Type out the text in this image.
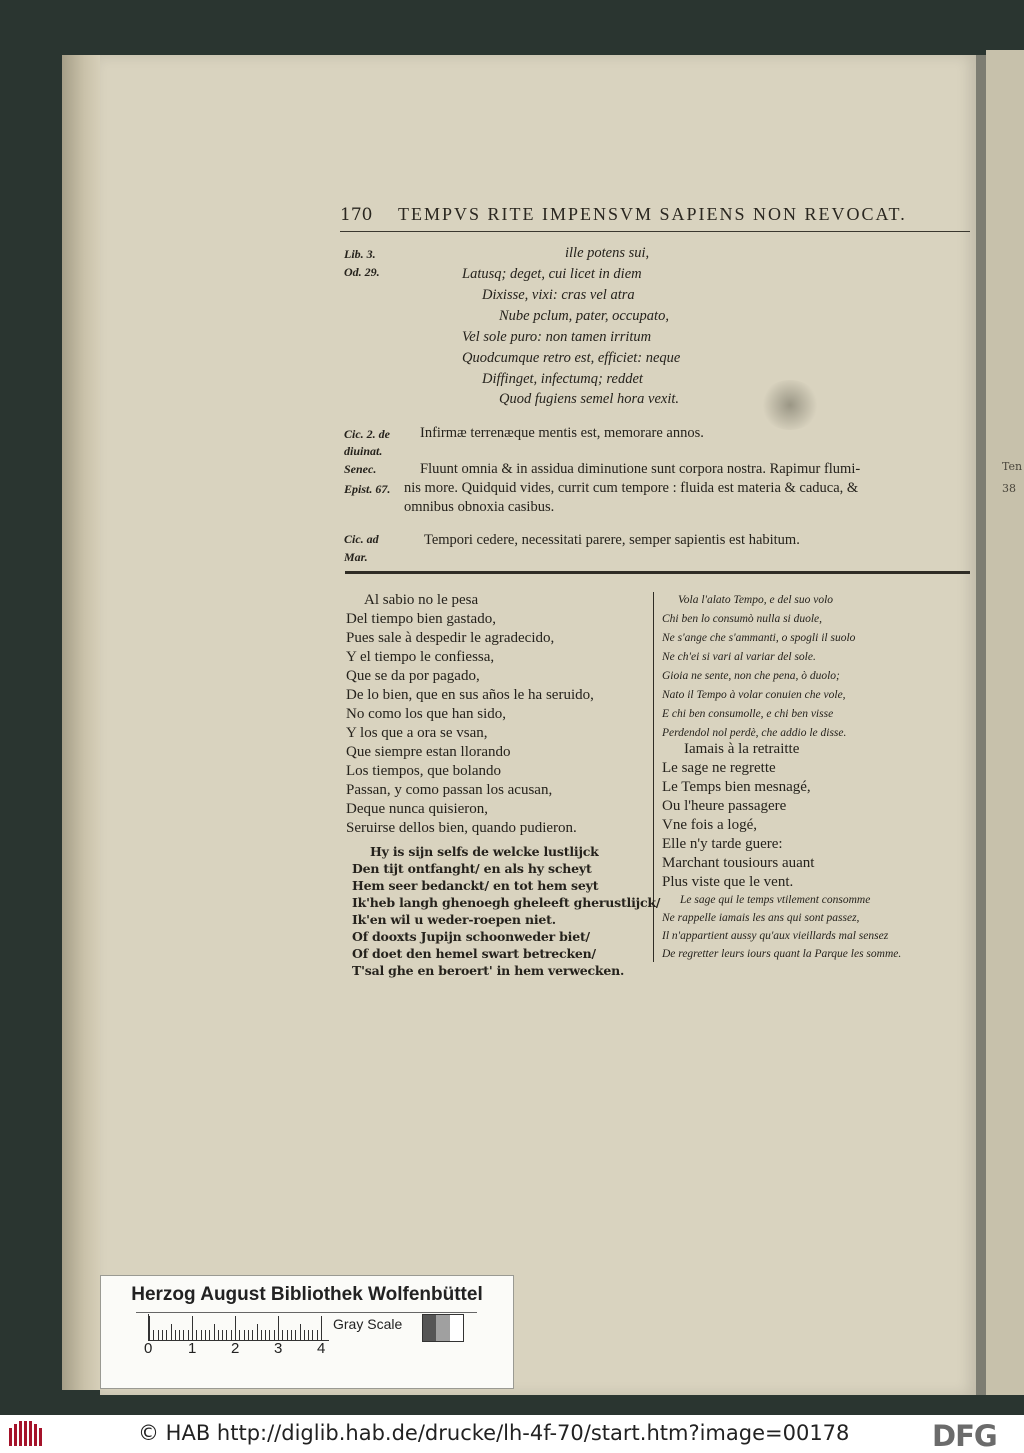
Ten
38
170 TEMPVS RITE IMPENSVM SAPIENS NON REVOCAT.
Lib. 3.
Od. 29.
ille potens sui,
Latusq; deget, cui licet in diem
Dixisse, vixi: cras vel atra
Nube pclum, pater, occupato,
Vel sole puro: non tamen irritum
Quodcumque retro est, efficiet: neque
Diffinget, infectumq; reddet
Quod fugiens semel hora vexit.
Cic. 2. de
diuinat.
Infirmæ terrenæque mentis est, memorare annos.
Senec.
Epist. 67.
Fluunt omnia & in assidua diminutione sunt corpora nostra. Rapimur flumi-
nis more. Quidquid vides, currit cum tempore : fluida est materia & caduca, &
omnibus obnoxia casibus.
Cic. ad
Mar.
Tempori cedere, necessitati parere, semper sapientis est habitum.
Al sabio no le pesa
Del tiempo bien gastado,
Pues sale à despedir le agradecido,
Y el tiempo le confiessa,
Que se da por pagado,
De lo bien, que en sus años le ha seruido,
No como los que han sido,
Y los que a ora se vsan,
Que siempre estan llorando
Los tiempos, que bolando
Passan, y como passan los acusan,
Deque nunca quisieron,
Seruirse dellos bien, quando pudieron.
Hy is sijn selfs de welcke lustlijck
Den tijt ontfanght/ en als hy scheyt
Hem seer bedanckt/ en tot hem seyt
Ik'heb langh ghenoegh gheleeft gherustlijck/
Ik'en wil u weder-roepen niet.
Of dooxts Jupijn schoonweder biet/
Of doet den hemel swart betrecken/
T'sal ghe en beroert' in hem verwecken.
Vola l'alato Tempo, e del suo volo
Chi ben lo consumò nulla si duole,
Ne s'ange che s'ammanti, o spogli il suolo
Ne ch'ei si vari al variar del sole.
Gioia ne sente, non che pena, ò duolo;
Nato il Tempo à volar conuien che vole,
E chi ben consumolle, e chi ben visse
Perdendol nol perdè, che addio le disse.
Iamais à la retraitte
Le sage ne regrette
Le Temps bien mesnagé,
Ou l'heure passagere
Vne fois a logé,
Elle n'y tarde guere:
Marchant tousiours auant
Plus viste que le vent.
Le sage qui le temps vtilement consomme
Ne rappelle iamais les ans qui sont passez,
Il n'appartient aussy qu'aux vieillards mal sensez
De regretter leurs iours quant la Parque les somme.
Herzog August Bibliothek Wolfenbüttel
0 1 2 3 4
Gray Scale
© HAB http://diglib.hab.de/drucke/lh-4f-70/start.htm?image=00178	DFG
